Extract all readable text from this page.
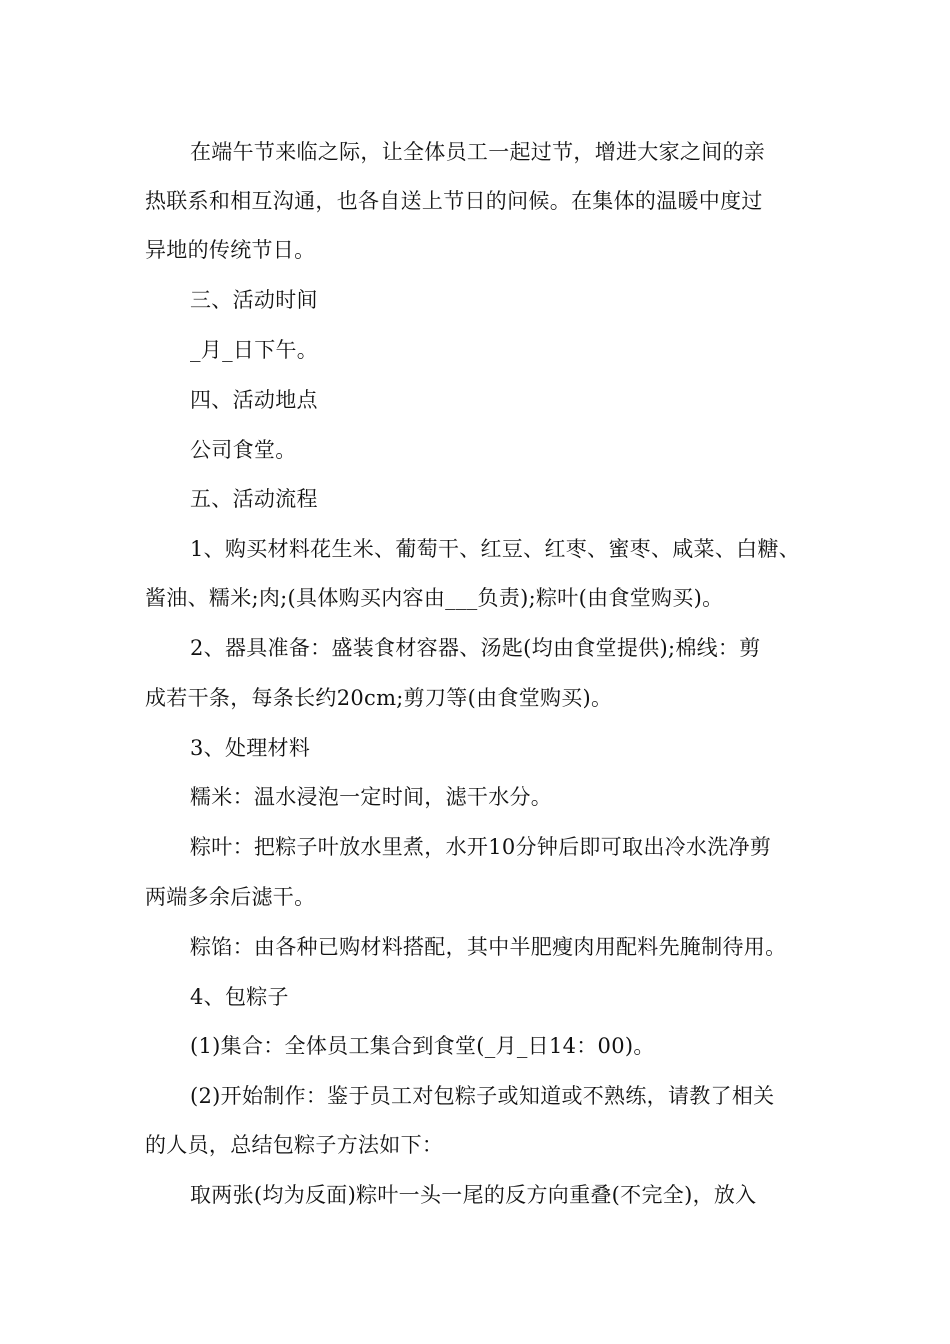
在端午节来临之际，让全体员工一起过节，增进大家之间的亲

热联系和相互沟通，也各自送上节日的问候。在集体的温暖中度过

异地的传统节日。

三、活动时间

_月_日下午。

四、活动地点

公司食堂。

五、活动流程

1、购买材料花生米、葡萄干、红豆、红枣、蜜枣、咸菜、白糖、

酱油、糯米;肉;(具体购买内容由___负责);粽叶(由食堂购买)。

2、器具准备：盛装食材容器、汤匙(均由食堂提供);棉线：剪

成若干条，每条长约20cm;剪刀等(由食堂购买)。

3、处理材料

糯米：温水浸泡一定时间，滤干水分。

粽叶：把粽子叶放水里煮，水开10分钟后即可取出冷水洗净剪

两端多余后滤干。

粽馅：由各种已购材料搭配，其中半肥瘦肉用配料先腌制待用。

4、包粽子

(1)集合：全体员工集合到食堂(_月_日14：00)。

(2)开始制作：鉴于员工对包粽子或知道或不熟练，请教了相关

的人员，总结包粽子方法如下：

取两张(均为反面)粽叶一头一尾的反方向重叠(不完全)，放入
